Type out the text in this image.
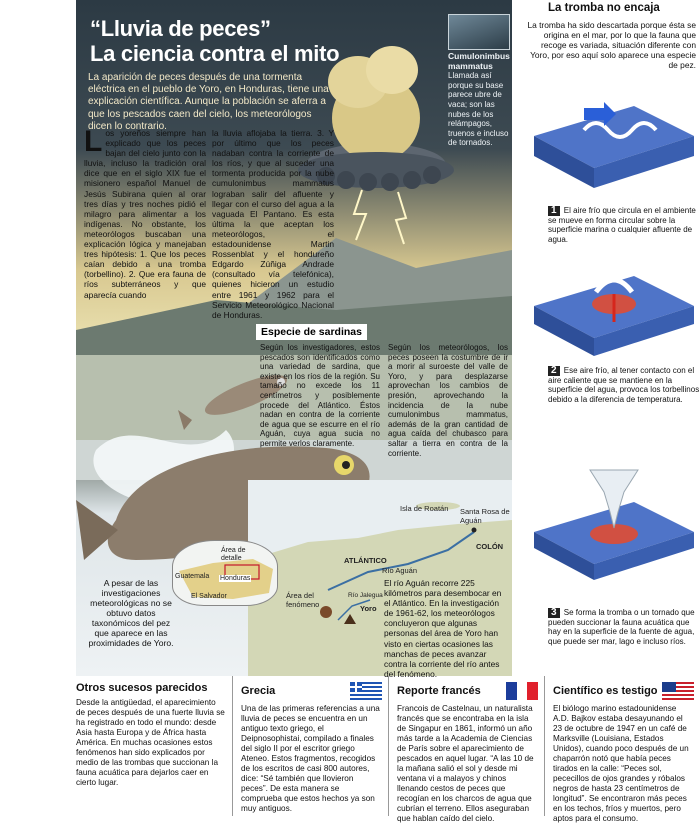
“Lluvia de peces”
La ciencia contra el mito

La aparición de peces después de una tormenta eléctrica en el pueblo de Yoro, en Honduras, tiene una explicación científica. Aunque la población se aferra a que los pescados caen del cielo, los meteorólogos dicen lo contrario.

Cumulonimbus mammatus
Llamada así porque su base parece ubre de vaca; son las nubes de los relámpagos, truenos e incluso de tornados.
L os yoreños siempre han explicado que los peces bajan del cielo junto con la lluvia, incluso la tradición oral dice que en el siglo XIX fue el misionero español Manuel de Jesús Subirana quien al orar tres días y tres noches pidió el milagro para alimentar a los indígenas. No obstante, los meteorólogos buscaban una explicación lógica y manejaban tres hipótesis: 1. Que los peces caían debido a una tromba (torbellino). 2. Que era fauna de ríos subterráneos y que aparecía cuando
la lluvia aflojaba la tierra. 3. Y por último que los peces nadaban contra la corriente de los ríos, y que al suceder una tormenta producida por la nube cumulonimbus mammatus lograban salir del afluente y llegar con el curso del agua a la vaguada El Pantano. Es esta última la que aceptan los meteorólogos, el estadounidense Martin Rossenblat y el hondureño Edgardo Zúñiga Andrade (consultado vía telefónica), quienes hicieron un estudio entre 1961 y 1962 para el Servicio Meteorológico Nacional de Honduras.
Especie de sardinas

Según los investigadores, estos pescados son identificados como una variedad de sardina, que existe en los ríos de la región. Su tamaño no excede los 11 centímetros y posiblemente procede del Atlántico. Éstos nadan en contra de la corriente de agua que se escurre en el río Aguán, cuya agua sucia no permite verlos claramente.

Según los meteorólogos, los peces poseen la costumbre de ir a morir al suroeste del valle de Yoro, y para desplazarse aprovechan los cambios de presión, aprovechando la incidencia de la nube cumulonimbus mammatus, además de la gran cantidad de agua caída del chubasco para saltar a tierra en contra de la corriente.

Isla de Roatán Santa Rosa de Aguán
COLÓN
ATLÁNTICO
Río Aguán
Río Jalegua
Yoro
Área del fenómeno
Área de detalle
Guatemala Honduras
El Salvador

A pesar de las investigaciones meteorológicas no se obtuvo datos taxonómicos del pez que aparece en las proximidades de Yoro.

El río Aguán recorre 225 kilómetros para desembocar en el Atlántico. En la investigación de 1961-62, los meteorólogos concluyeron que algunas personas del área de Yoro han visto en ciertas ocasiones las manchas de peces avanzar contra la corriente del río antes del fenómeno.

La tromba no encaja

La tromba ha sido descartada porque ésta se origina en el mar, por lo que la fauna que recoge es variada, situación diferente con Yoro, por eso aquí solo aparece una especie de pez.

1 El aire frío que circula en el ambiente se mueve en forma circular sobre la superficie marina o cualquier afluente de agua.
2 Ese aire frío, al tener contacto con el aire caliente que se mantiene en la superficie del agua, provoca los torbellinos debido a la diferencia de temperatura.
3 Se forma la tromba o un tornado que pueden succionar la fauna acuática que hay en la superficie de la fuente de agua, que puede ser mar, lago e incluso ríos.
Otros sucesos parecidos

Desde la antigüedad, el aparecimiento de peces después de una fuerte lluvia se ha registrado en todo el mundo: desde Asia hasta Europa y de África hasta América. En muchas ocasiones estos fenómenos han sido explicados por medio de las trombas que succionan la fauna acuática para dejarlos caer en cierto lugar.

Grecia

Una de las primeras referencias a una lluvia de peces se encuentra en un antiguo texto griego, el Deipnosophistai, compilado a finales del siglo II por el escritor griego Ateneo. Estos fragmentos, recogidos de los escritos de casi 800 autores, dice: “Sé también que llovieron peces”. De esta manera se comprueba que estos hechos ya son muy antiguos.

Reporte francés

Francois de Castelnau, un naturalista francés que se encontraba en la isla de Singapur en 1861, informó un año más tarde a la Academia de Ciencias de París sobre el aparecimiento de pescados en aquel lugar. “A las 10 de la mañana salió el sol y desde mi ventana vi a malayos y chinos llenando cestos de peces que recogían en los charcos de agua que cubrían el terreno. Ellos aseguraban que hablan caído del cielo.

Científico es testigo

El biólogo marino estadounidense A.D. Bajkov estaba desayunando el 23 de octubre de 1947 en un café de Marksville (Louisiana, Estados Unidos), cuando poco después de un chaparrón notó que había peces tirados en la calle: “Peces sol, pececillos de ojos grandes y róbalos negros de hasta 23 centímetros de longitud”. Se encontraron más peces en los techos, fríos y muertos, pero aptos para el consumo.
